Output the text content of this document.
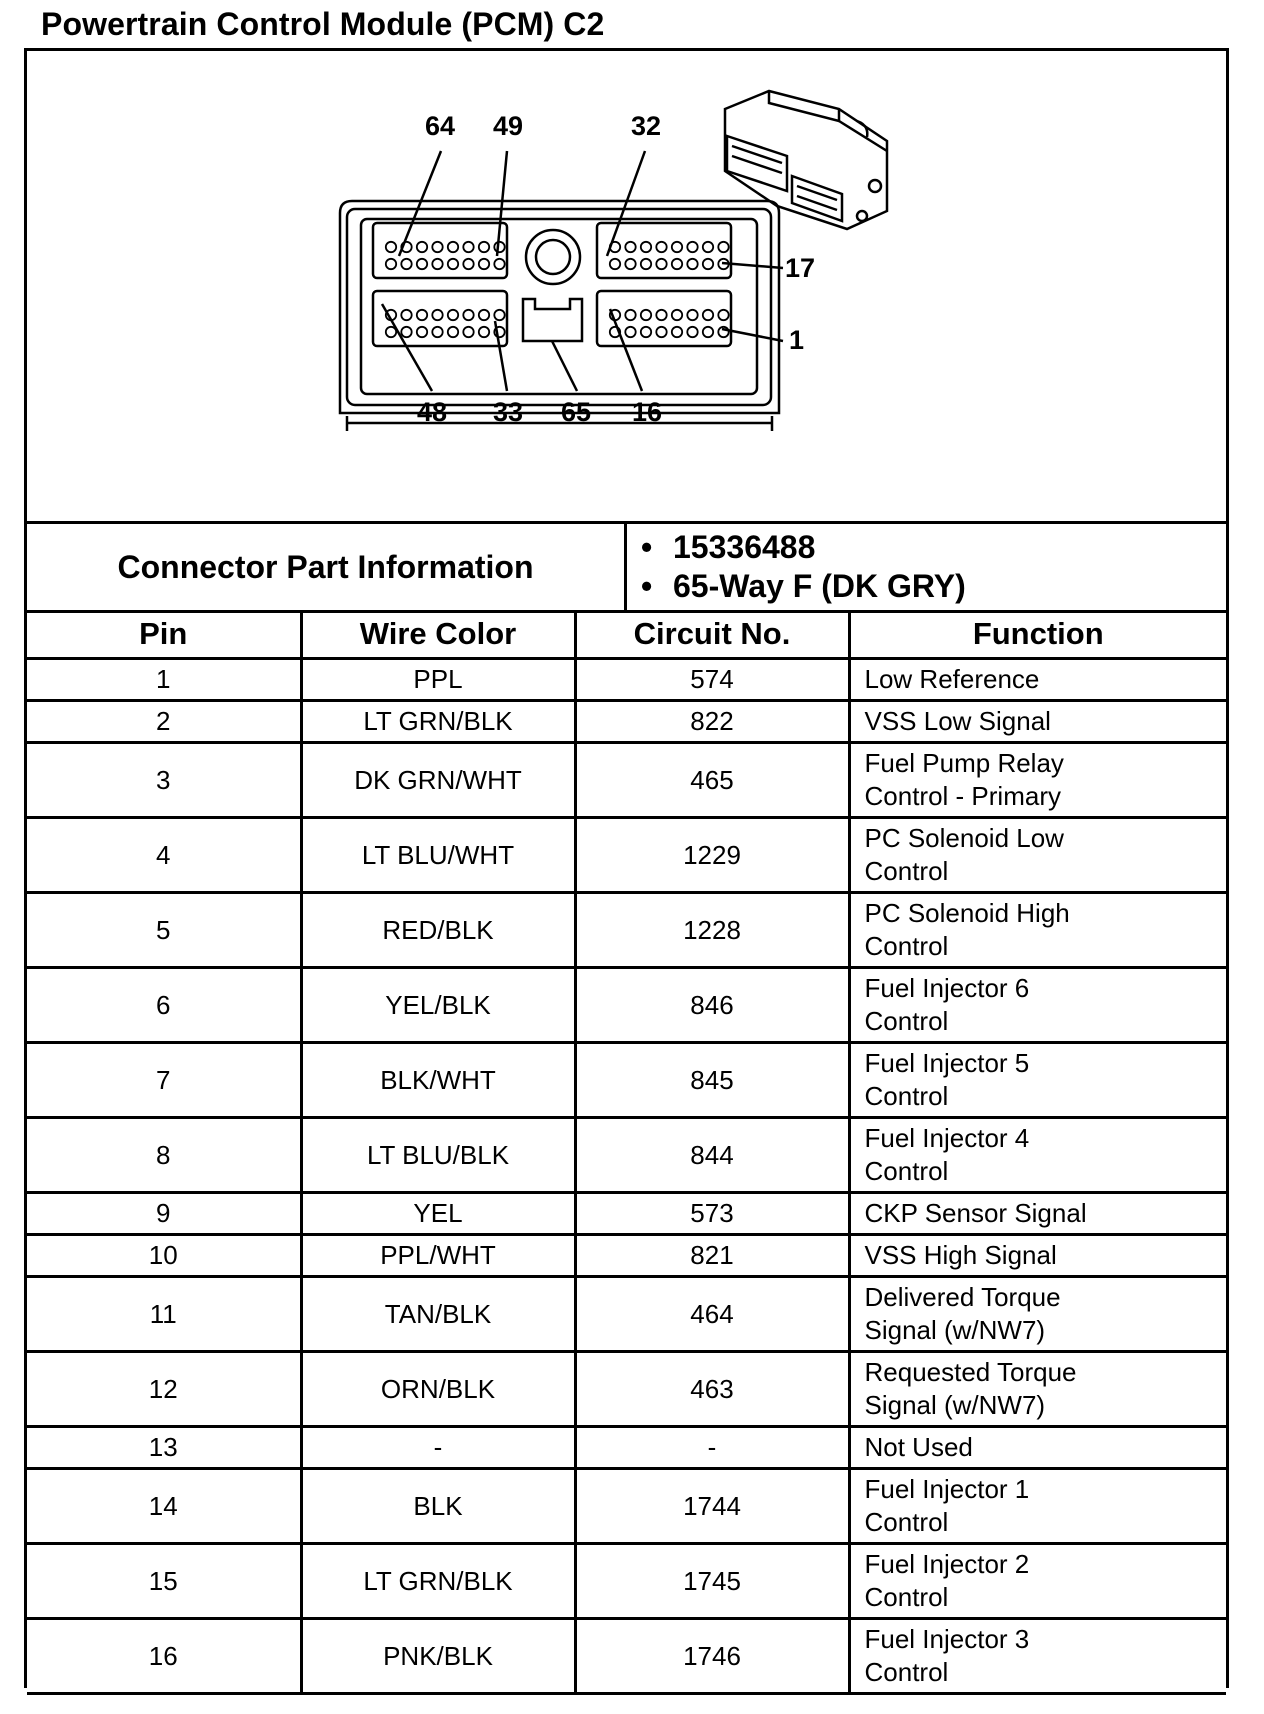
Powertrain Control Module (PCM) C2
64 49	32
17
1
48 33 65 16
Connector Part Information
• 15336488
• 65-Way F (DK GRY)
Pin	Wire Color	Circuit No.	Function
1	PPL	574	Low Reference

2	LT GRN/BLK	822	VSS Low Signal

3	DK GRN/WHT	465	Fuel Pump Relay
Control - Primary

4	LT BLU/WHT	1229	PC Solenoid Low
Control

5	RED/BLK	1228	PC Solenoid High
Control

6	YEL/BLK	846	Fuel Injector 6
Control

7	BLK/WHT	845	Fuel Injector 5
Control

8	LT BLU/BLK	844	Fuel Injector 4
Control

9	YEL	573	CKP Sensor Signal

10	PPL/WHT	821	VSS High Signal

11	TAN/BLK	464	Delivered Torque
Signal (w/NW7)

12	ORN/BLK	463	Requested Torque
Signal (w/NW7)

13	-	-	Not Used

14	BLK	1744	Fuel Injector 1
Control

15	LT GRN/BLK	1745	Fuel Injector 2
Control

16	PNK/BLK	1746	Fuel Injector 3
Control
